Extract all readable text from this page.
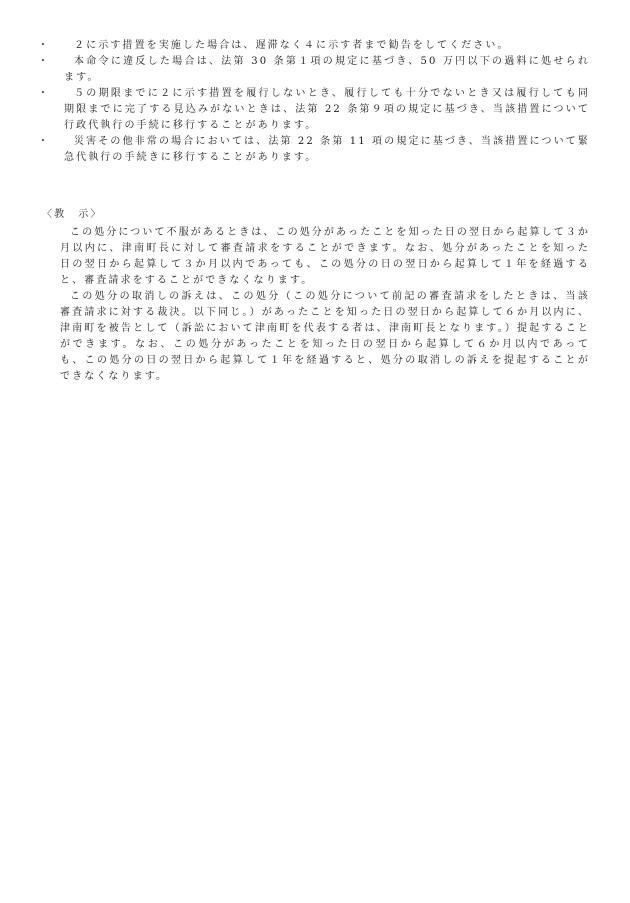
・	２に示す措置を実施した場合は、遅滞なく４に示す者まで勧告をしてください。
・	本命令に違反した場合は、法第 30 条第１項の規定に基づき、50 万円以下の過料に処せられます。
・	５の期限までに２に示す措置を履行しないとき、履行しても十分でないとき又は履行しても同期限までに完了する見込みがないときは、法第 22 条第９項の規定に基づき、当該措置について行政代執行の手続に移行することがあります。
・	災害その他非常の場合においては、法第 22 条第 11 項の規定に基づき、当該措置について緊急代執行の手続きに移行することがあります。
〈教　示〉

この処分について不服があるときは、この処分があったことを知った日の翌日から起算して３か月以内に、津南町長に対して審査請求をすることができます。なお、処分があったことを知った日の翌日から起算して３か月以内であっても、この処分の日の翌日から起算して１年を経過すると、審査請求をすることができなくなります。

この処分の取消しの訴えは、この処分（この処分について前記の審査請求をしたときは、当該審査請求に対する裁決。以下同じ。）があったことを知った日の翌日から起算して６か月以内に、津南町を被告として（訴訟において津南町を代表する者は、津南町長となります。）提起することができます。なお、この処分があったことを知った日の翌日から起算して６か月以内であっても、この処分の日の翌日から起算して１年を経過すると、処分の取消しの訴えを提起することができなくなります。
